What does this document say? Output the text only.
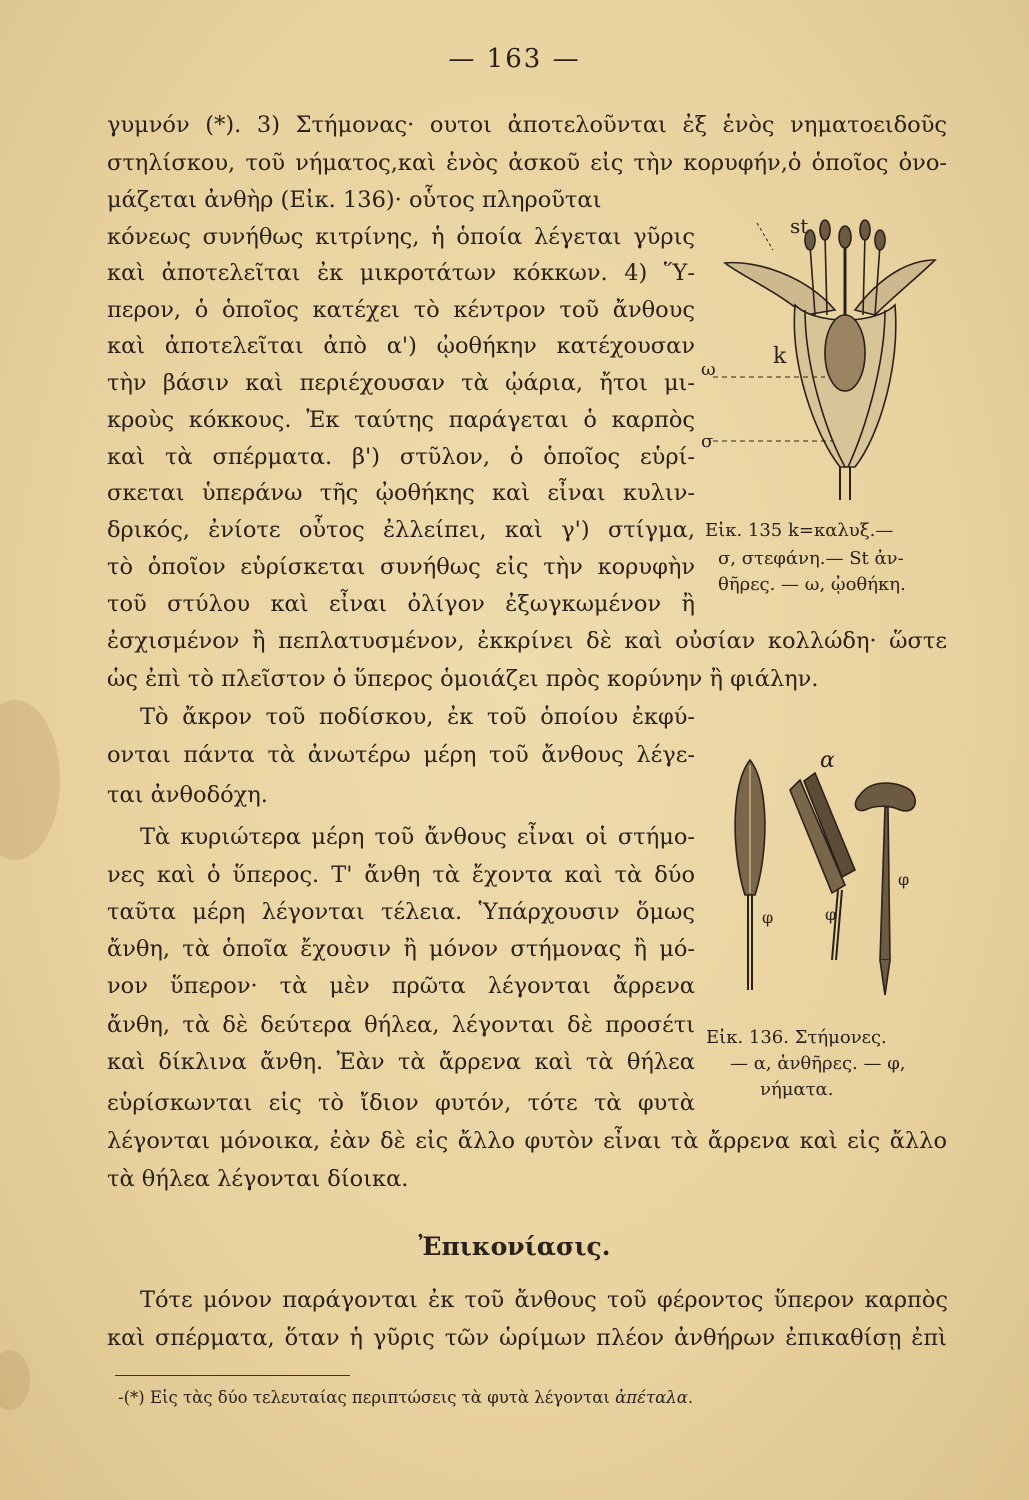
— 163 —
γυμνόν (*). 3) Στήμονας· ουτοι ἀποτελοῦνται ἐξ ἑνὸς νηματοειδοῦς
στηλίσκου, τοῦ νήματος,καὶ ἑνὸς ἀσκοῦ εἰς τὴν κορυφήν,ὁ ὁποῖος ὀνο-
μάζεται ἀνθὴρ (Εἰκ. 136)· οὗτος πληροῦται
κόνεως συνήθως κιτρίνης, ἡ ὁποία λέγεται γῦρις
καὶ ἀποτελεῖται ἐκ μικροτάτων κόκκων. 4) Ὕ-
περον, ὁ ὁποῖος κατέχει τὸ κέντρον τοῦ ἄνθους
καὶ ἀποτελεῖται ἀπὸ α') ᾠοθήκην κατέχουσαν
τὴν βάσιν καὶ περιέχουσαν τὰ ᾠάρια, ἤτοι μι-
κροὺς κόκκους. Ἐκ ταύτης παράγεται ὁ καρπὸς
καὶ τὰ σπέρματα. β') στῦλον, ὁ ὁποῖος εὑρί-
σκεται ὑπεράνω τῆς ᾠοθήκης καὶ εἶναι κυλιν-
δρικός, ἐνίοτε οὗτος ἐλλείπει, καὶ γ') στίγμα,
τὸ ὁποῖον εὑρίσκεται συνήθως εἰς τὴν κορυφὴν
τοῦ στύλου καὶ εἶναι ὀλίγον ἐξωγκωμένον ἢ
ἐσχισμένον ἢ πεπλατυσμένον, ἐκκρίνει δὲ καὶ οὐσίαν κολλώδη· ὥστε
ὡς ἐπὶ τὸ πλεῖστον ὁ ὕπερος ὁμοιάζει πρὸς κορύνην ἢ φιάλην.
Τὸ ἄκρον τοῦ ποδίσκου, ἐκ τοῦ ὁποίου ἐκφύ-
ονται πάντα τὰ ἀνωτέρω μέρη τοῦ ἄνθους λέγε-
ται ἀνθοδόχη.
Τὰ κυριώτερα μέρη τοῦ ἄνθους εἶναι οἱ στήμο-
νες καὶ ὁ ὕπερος. Τ' ἄνθη τὰ ἔχοντα καὶ τὰ δύο
ταῦτα μέρη λέγονται τέλεια. Ὑπάρχουσιν ὅμως
ἄνθη, τὰ ὁποῖα ἔχουσιν ἢ μόνον στήμονας ἢ μό-
νον ὕπερον· τὰ μὲν πρῶτα λέγονται ἄρρενα
ἄνθη, τὰ δὲ δεύτερα θήλεα, λέγονται δὲ προσέτι
καὶ δίκλινα ἄνθη. Ἐὰν τὰ ἄρρενα καὶ τὰ θήλεα
εὑρίσκωνται εἰς τὸ ἴδιον φυτόν, τότε τὰ φυτὰ
λέγονται μόνοικα, ἐὰν δὲ εἰς ἄλλο φυτὸν εἶναι τὰ ἄρρενα καὶ εἰς ἄλλο
τὰ θήλεα λέγονται δίοικα.
Ἐπικονίασις.
Τότε μόνον παράγονται ἐκ τοῦ ἄνθους τοῦ φέροντος ὕπερον καρπὸς
καὶ σπέρματα, ὅταν ἡ γῦρις τῶν ὡρίμων πλέον ἀνθήρων ἐπικαθίσῃ ἐπὶ
-(*) Εἰς τὰς δύο τελευταίας περιπτώσεις τὰ φυτὰ λέγονται ἀπέταλα.
st
k
ω
σ
Εἰκ. 135 k=καλυξ.—
σ, στεφάνη.— St ἀν-
θῆρες. — ω, ᾠοθήκη.
α
φ	φ
φ
Εἰκ. 136. Στήμονες.
— α, ἀνθῆρες. — φ,
νήματα.
